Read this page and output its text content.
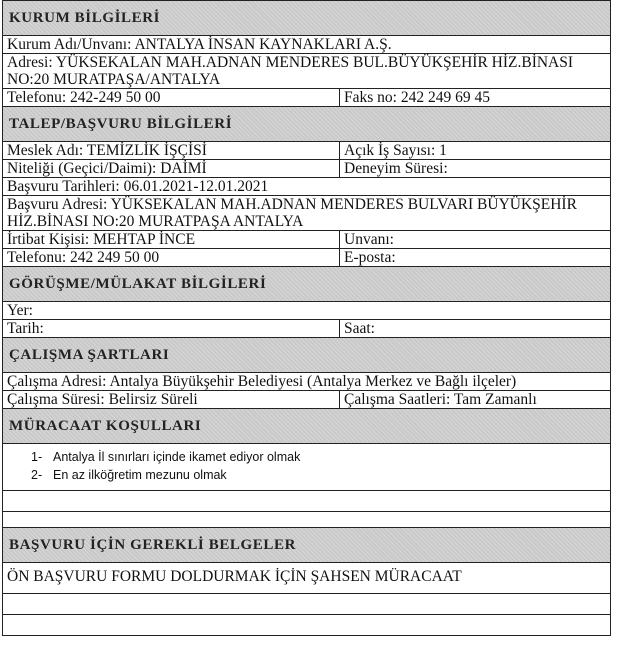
KURUM BİLGİLERİ
Kurum Adı/Unvanı: ANTALYA İNSAN KAYNAKLARI A.Ş.
Adresi: YÜKSEKALAN MAH.ADNAN MENDERES BUL.BÜYÜKŞEHİR HİZ.BİNASI NO:20 MURATPAŞA/ANTALYA
Telefonu: 242-249 50 00	Faks no: 242 249 69 45
TALEP/BAŞVURU BİLGİLERİ
Meslek Adı: TEMİZLİK İŞÇİSİ	Açık İş Sayısı: 1
Niteliği (Geçici/Daimi): DAİMİ	Deneyim Süresi:
Başvuru Tarihleri: 06.01.2021-12.01.2021
Başvuru Adresi: YÜKSEKALAN MAH.ADNAN MENDERES BULVARI BÜYÜKŞEHİR HİZ.BİNASI NO:20 MURATPAŞA ANTALYA
İrtibat Kişisi: MEHTAP İNCE	Unvanı:
Telefonu: 242 249 50 00	E-posta:
GÖRÜŞME/MÜLAKAT BİLGİLERİ
Yer:
Tarih:	Saat:
ÇALIŞMA ŞARTLARI
Çalışma Adresi: Antalya Büyükşehir Belediyesi (Antalya Merkez ve Bağlı ilçeler)
Çalışma Süresi: Belirsiz Süreli	Çalışma Saatleri: Tam Zamanlı
MÜRACAAT KOŞULLARI
1- Antalya İl sınırları içinde ikamet ediyor olmak
2- En az ilköğretim mezunu olmak
BAŞVURU İÇİN GEREKLİ BELGELER
ÖN BAŞVURU FORMU DOLDURMAK İÇİN ŞAHSEN MÜRACAAT
